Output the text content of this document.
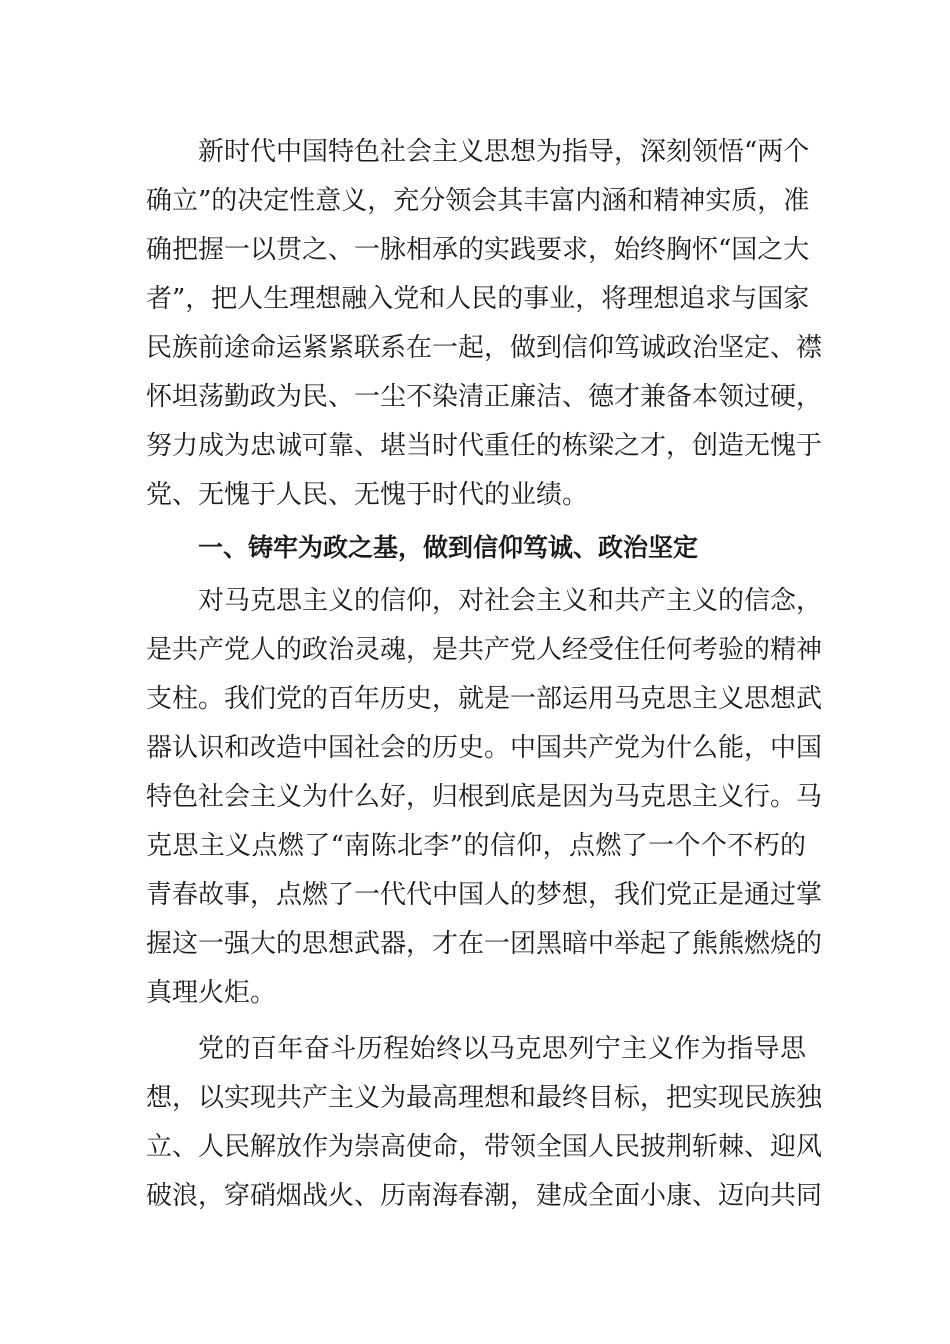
新时代中国特色社会主义思想为指导，深刻领悟“两个
确立”的决定性意义，充分领会其丰富内涵和精神实质，准
确把握一以贯之、一脉相承的实践要求，始终胸怀“国之大
者”，把人生理想融入党和人民的事业，将理想追求与国家
民族前途命运紧紧联系在一起，做到信仰笃诚政治坚定、襟
怀坦荡勤政为民、一尘不染清正廉洁、德才兼备本领过硬，
努力成为忠诚可靠、堪当时代重任的栋梁之才，创造无愧于
党、无愧于人民、无愧于时代的业绩。
一、铸牢为政之基，做到信仰笃诚、政治坚定
对马克思主义的信仰，对社会主义和共产主义的信念，
是共产党人的政治灵魂，是共产党人经受住任何考验的精神
支柱。我们党的百年历史，就是一部运用马克思主义思想武
器认识和改造中国社会的历史。中国共产党为什么能，中国
特色社会主义为什么好，归根到底是因为马克思主义行。马
克思主义点燃了“南陈北李”的信仰，点燃了一个个不朽的
青春故事，点燃了一代代中国人的梦想，我们党正是通过掌
握这一强大的思想武器，才在一团黑暗中举起了熊熊燃烧的
真理火炬。
党的百年奋斗历程始终以马克思列宁主义作为指导思
想，以实现共产主义为最高理想和最终目标，把实现民族独
立、人民解放作为崇高使命，带领全国人民披荆斩棘、迎风
破浪，穿硝烟战火、历南海春潮，建成全面小康、迈向共同
